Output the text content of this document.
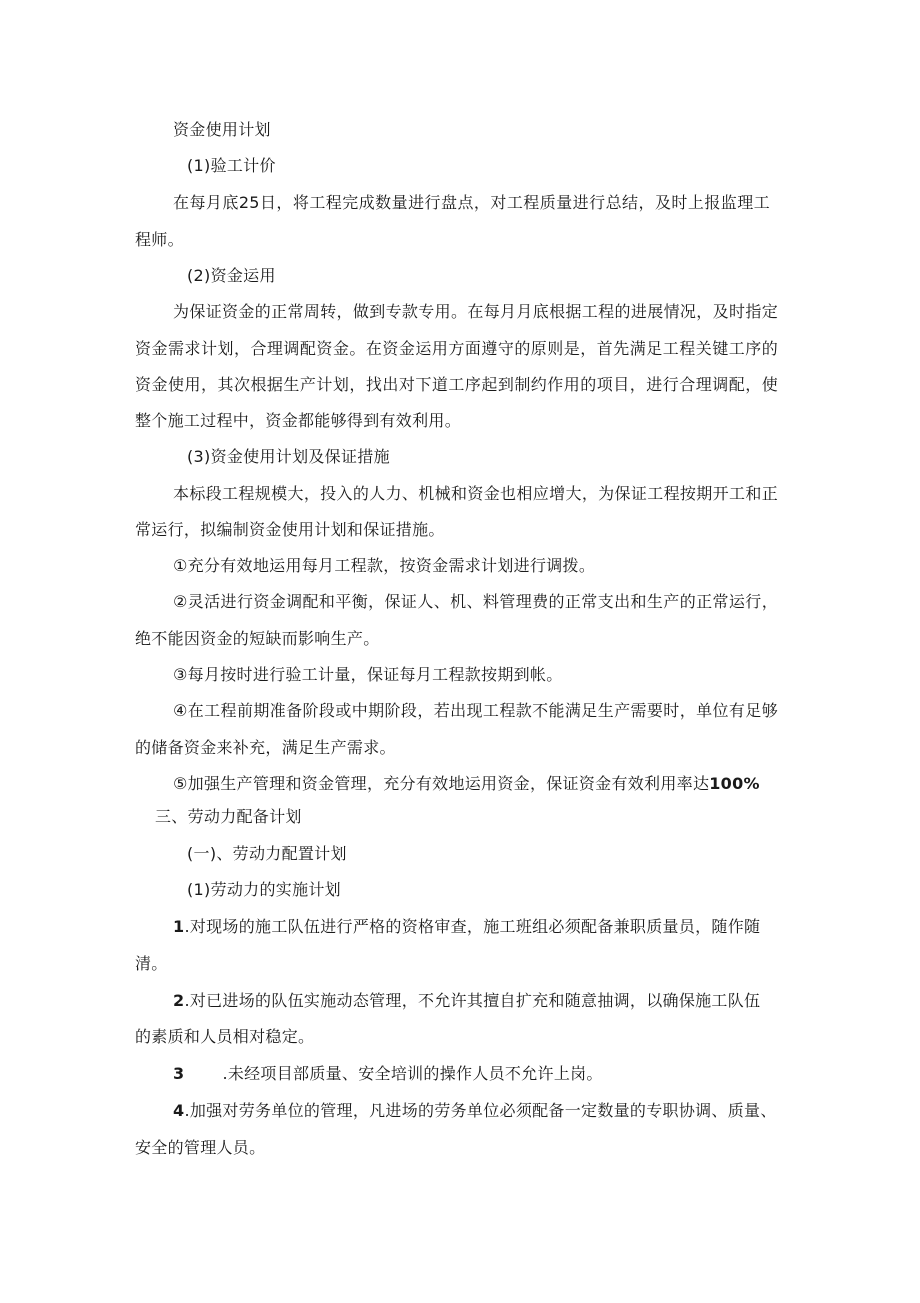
资金使用计划

(1)验工计价

在每月底25日，将工程完成数量进行盘点，对工程质量进行总结，及时上报监理工

程师。

(2)资金运用

为保证资金的正常周转，做到专款专用。在每月月底根据工程的进展情况，及时指定

资金需求计划，合理调配资金。在资金运用方面遵守的原则是，首先满足工程关键工序的

资金使用，其次根据生产计划，找出对下道工序起到制约作用的项目，进行合理调配，使

整个施工过程中，资金都能够得到有效利用。

(3)资金使用计划及保证措施

本标段工程规模大，投入的人力、机械和资金也相应增大，为保证工程按期开工和正

常运行，拟编制资金使用计划和保证措施。

①充分有效地运用每月工程款，按资金需求计划进行调拨。

②灵活进行资金调配和平衡，保证人、机、料管理费的正常支出和生产的正常运行，

绝不能因资金的短缺而影响生产。

③每月按时进行验工计量，保证每月工程款按期到帐。

④在工程前期准备阶段或中期阶段，若出现工程款不能满足生产需要时，单位有足够

的储备资金来补充，满足生产需求。

⑤加强生产管理和资金管理，充分有效地运用资金，保证资金有效利用率达100%

三、劳动力配备计划

(一)、劳动力配置计划

(1)劳动力的实施计划

1.对现场的施工队伍进行严格的资格审查，施工班组必须配备兼职质量员，随作随

清。

2.对已进场的队伍实施动态管理，不允许其擅自扩充和随意抽调，以确保施工队伍

的素质和人员相对稳定。

3 .未经项目部质量、安全培训的操作人员不允许上岗。

4.加强对劳务单位的管理，凡进场的劳务单位必须配备一定数量的专职协调、质量、

安全的管理人员。
